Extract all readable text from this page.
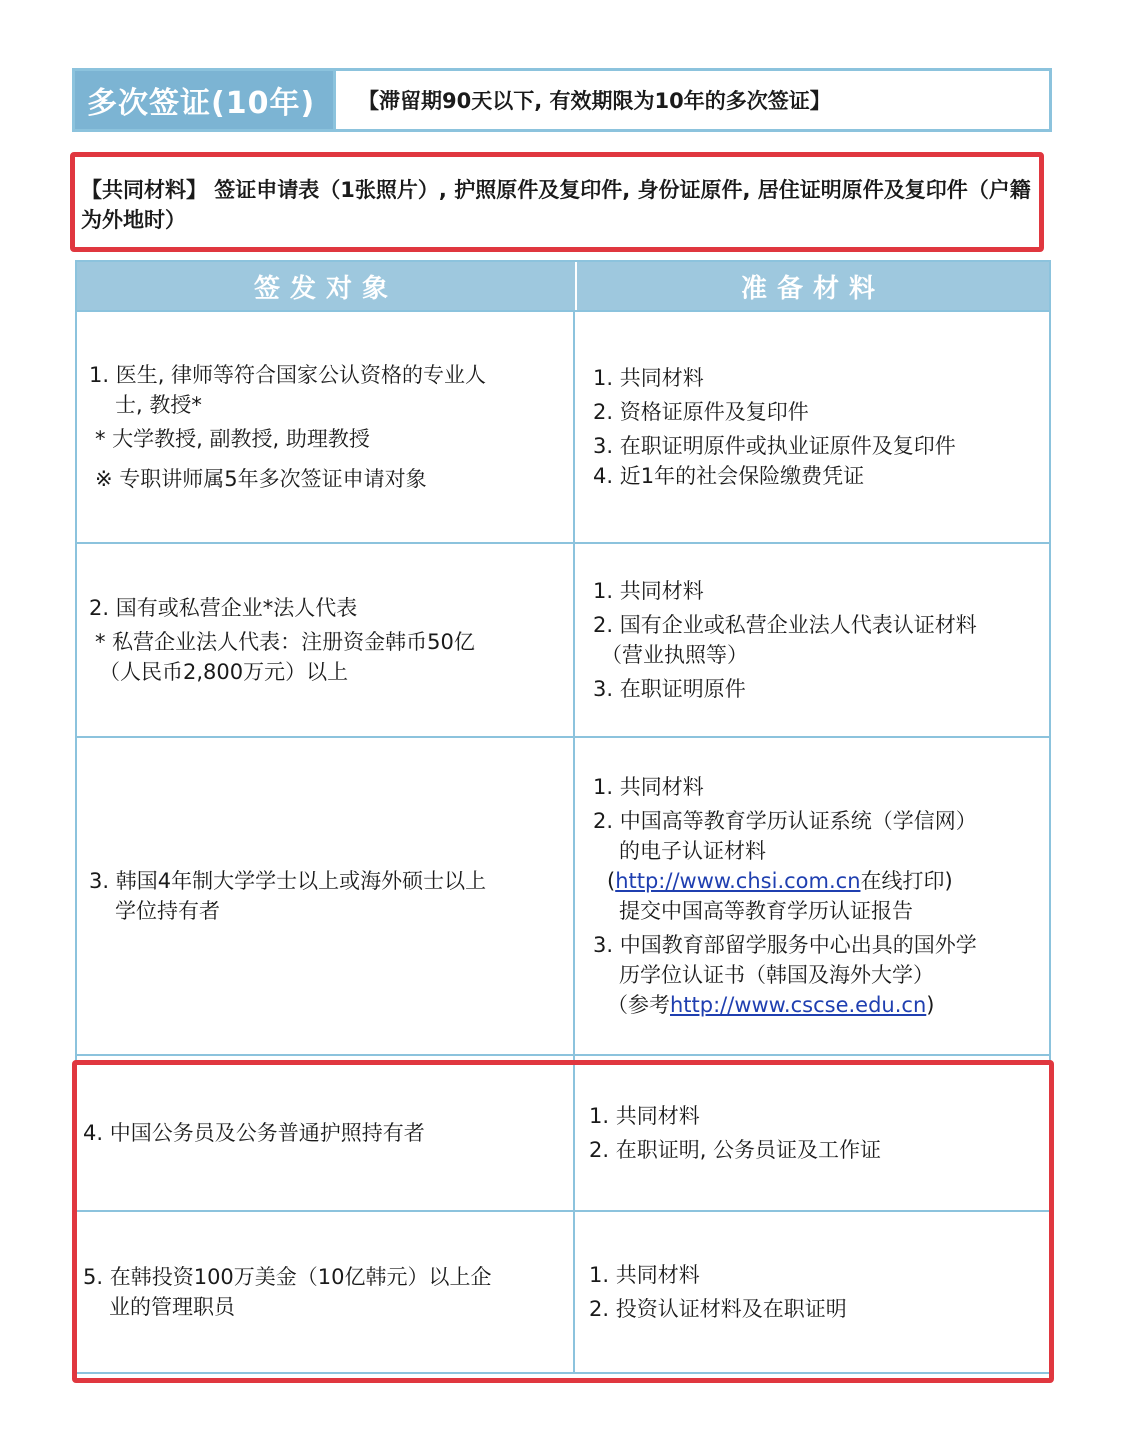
多次签证(10年)	【滞留期90天以下, 有效期限为10年的多次签证】
【共同材料】 签证申请表（1张照片）, 护照原件及复印件, 身份证原件, 居住证明原件及复印件（户籍为外地时）
签发对象	准备材料
1. 医生, 律师等符合国家公认资格的专业人
士, 教授*
* 大学教授, 副教授, 助理教授
※ 专职讲师属5年多次签证申请对象
1. 共同材料
2. 资格证原件及复印件
3. 在职证明原件或执业证原件及复印件
4. 近1年的社会保险缴费凭证
2. 国有或私营企业*法人代表
* 私营企业法人代表：注册资金韩币50亿
（人民币2,800万元）以上
1. 共同材料
2. 国有企业或私营企业法人代表认证材料
（营业执照等）
3. 在职证明原件
3. 韩国4年制大学学士以上或海外硕士以上
学位持有者
1. 共同材料
2. 中国高等教育学历认证系统（学信网）
的电子认证材料
(http://www.chsi.com.cn在线打印)
提交中国高等教育学历认证报告
3. 中国教育部留学服务中心出具的国外学
历学位认证书（韩国及海外大学）
（参考http://www.cscse.edu.cn)
4. 中国公务员及公务普通护照持有者
1. 共同材料
2. 在职证明, 公务员证及工作证
5. 在韩投资100万美金（10亿韩元）以上企
业的管理职员
1. 共同材料
2. 投资认证材料及在职证明
